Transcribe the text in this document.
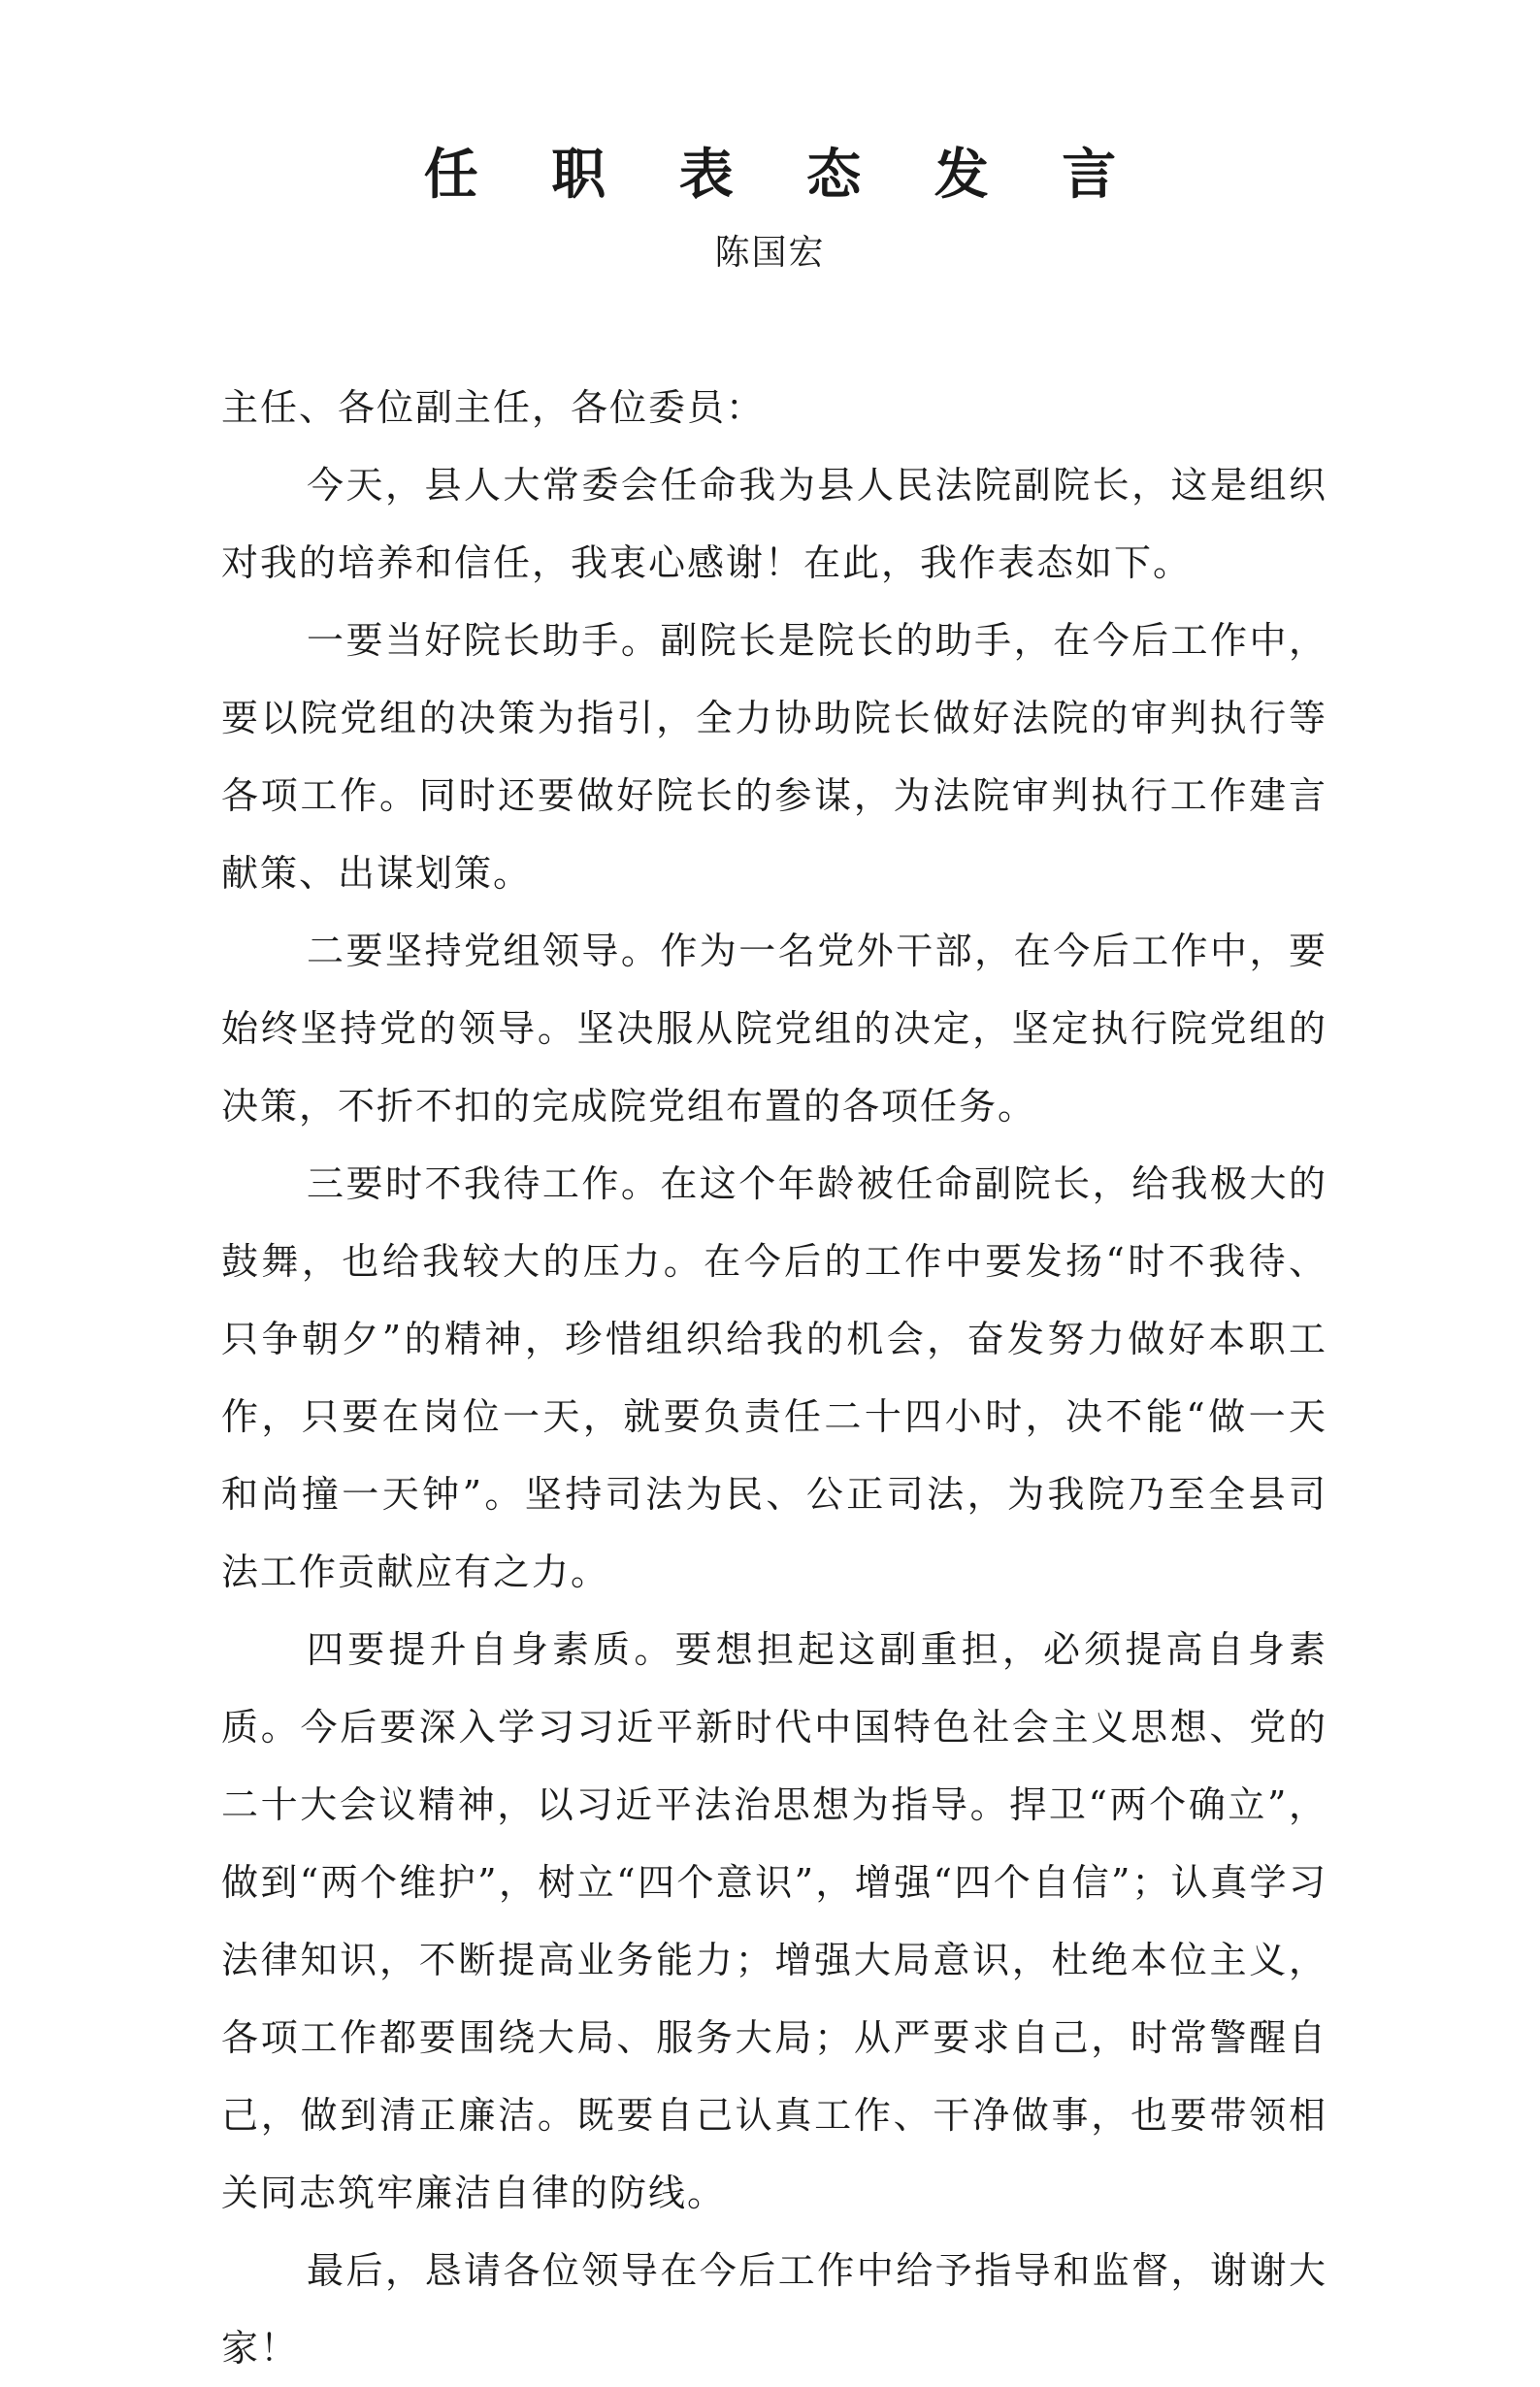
任 职 表 态 发 言
陈国宏

主任、各位副主任，各位委员：

今天，县人大常委会任命我为县人民法院副院长，这是组织对我的培养和信任，我衷心感谢！在此，我作表态如下。

一要当好院长助手。副院长是院长的助手，在今后工作中，要以院党组的决策为指引，全力协助院长做好法院的审判执行等各项工作。同时还要做好院长的参谋，为法院审判执行工作建言献策、出谋划策。

二要坚持党组领导。作为一名党外干部，在今后工作中，要始终坚持党的领导。坚决服从院党组的决定，坚定执行院党组的决策，不折不扣的完成院党组布置的各项任务。

三要时不我待工作。在这个年龄被任命副院长，给我极大的鼓舞，也给我较大的压力。在今后的工作中要发扬“时不我待、只争朝夕”的精神，珍惜组织给我的机会，奋发努力做好本职工作，只要在岗位一天，就要负责任二十四小时，决不能“做一天和尚撞一天钟”。坚持司法为民、公正司法，为我院乃至全县司法工作贡献应有之力。

四要提升自身素质。要想担起这副重担，必须提高自身素质。今后要深入学习习近平新时代中国特色社会主义思想、党的二十大会议精神，以习近平法治思想为指导。捍卫“两个确立”，做到“两个维护”，树立“四个意识”，增强“四个自信”；认真学习法律知识，不断提高业务能力；增强大局意识，杜绝本位主义，各项工作都要围绕大局、服务大局；从严要求自己，时常警醒自己，做到清正廉洁。既要自己认真工作、干净做事，也要带领相关同志筑牢廉洁自律的防线。

最后，恳请各位领导在今后工作中给予指导和监督，谢谢大家！
